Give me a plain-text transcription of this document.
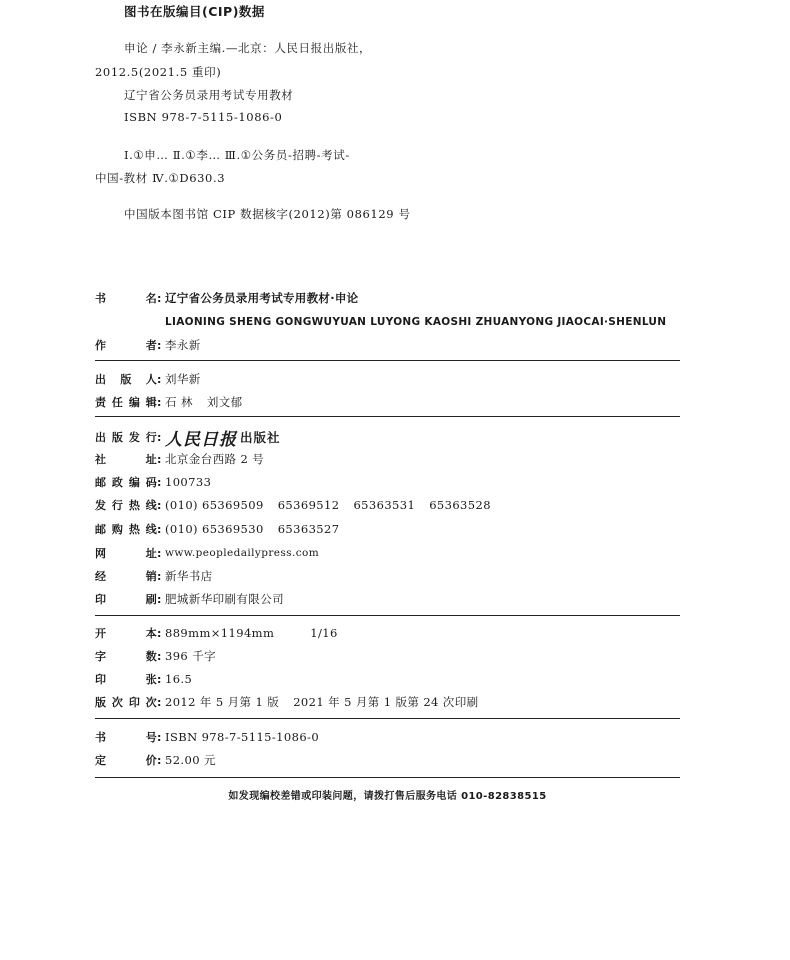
图书在版编目(CIP)数据
申论 / 李永新主编.—北京：人民日报出版社，
2012.5(2021.5 重印)
辽宁省公务员录用考试专用教材
ISBN 978-7-5115-1086-0
Ⅰ.①申… Ⅱ.①李… Ⅲ.①公务员-招聘-考试-
中国-教材 Ⅳ.①D630.3
中国版本图书馆 CIP 数据核字(2012)第 086129 号
书名 : 辽宁省公务员录用考试专用教材·申论
LIAONING SHENG GONGWUYUAN LUYONG KAOSHI ZHUANYONG JIAOCAI·SHENLUN
作者 : 李永新
出版人 : 刘华新
责任编辑 : 石 林 刘文郁
出版发行 : 人民日报 出版社
社址 : 北京金台西路 2 号
邮政编码 : 100733
发行热线 : (010) 65369509 65369512 65363531 65363528
邮购热线 : (010) 65369530 65363527
网址 : www.peopledailypress.com
经销 : 新华书店
印刷 : 肥城新华印刷有限公司
开本 : 889mm×1194mm	1/16
字数 : 396 千字
印张 : 16.5
版次印次 : 2012 年 5 月第 1 版 2021 年 5 月第 1 版第 24 次印刷
书号 : ISBN 978-7-5115-1086-0
定价 : 52.00 元
如发现编校差错或印装问题，请拨打售后服务电话 010-82838515
